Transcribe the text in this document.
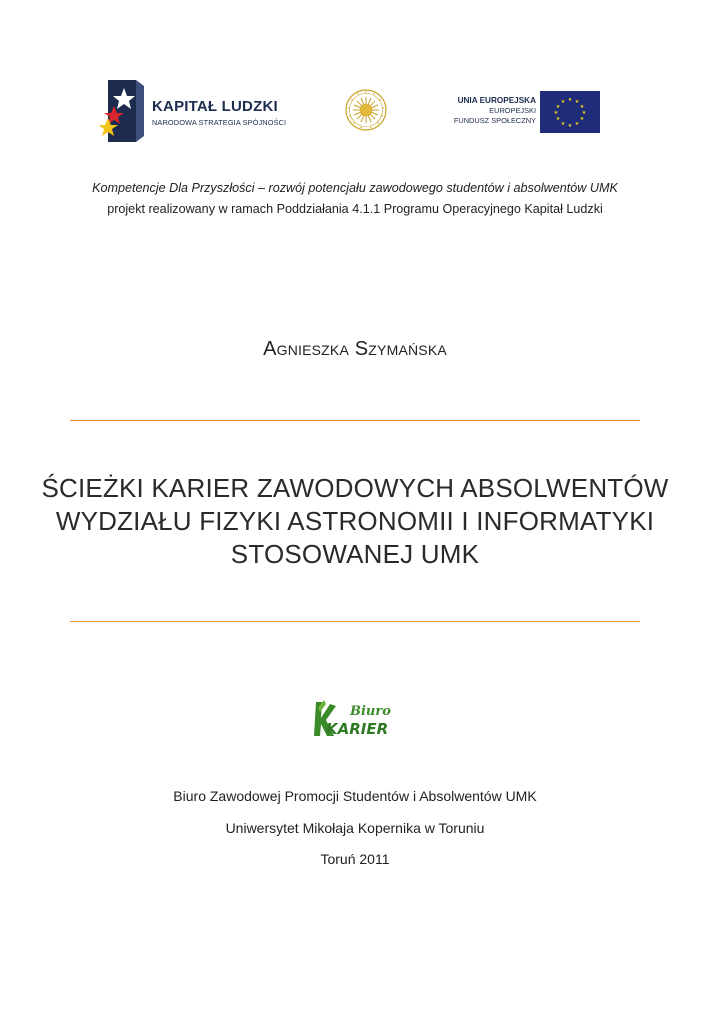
KAPITAŁ LUDZKI
NARODOWA STRATEGIA SPÓJNOŚCI
UNIA EUROPEJSKA
EUROPEJSKI
FUNDUSZ SPOŁECZNY
★ ★
★
★
★
★
★
★
★
★
★
★
Kompetencje Dla Przyszłości – rozwój potencjału zawodowego studentów i absolwentów UMK
projekt realizowany w ramach Poddziałania 4.1.1 Programu Operacyjnego Kapitał Ludzki
Agnieszka Szymańska
ŚCIEŻKI KARIER ZAWODOWYCH ABSOLWENTÓW
WYDZIAŁU FIZYKI ASTRONOMII I INFORMATYKI
STOSOWANEJ UMK
Biuro
KARIER
Biuro Zawodowej Promocji Studentów i Absolwentów UMK
Uniwersytet Mikołaja Kopernika w Toruniu
Toruń 2011
